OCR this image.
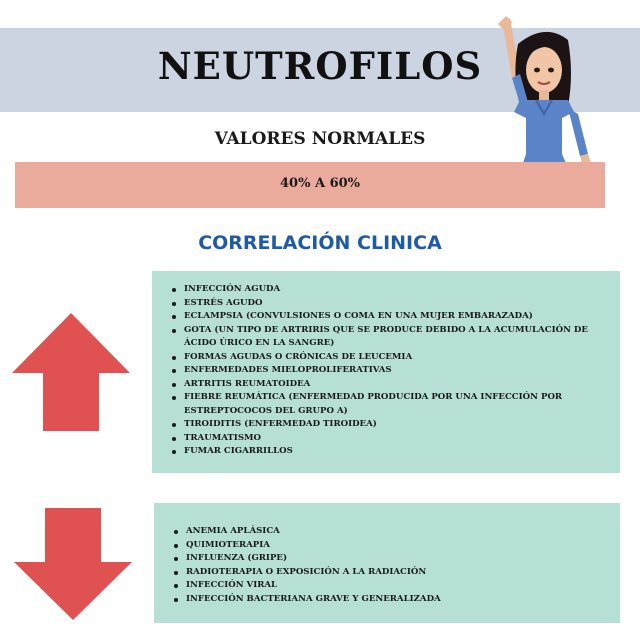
NEUTROFILOS
VALORES NORMALES
40% A 60%
CORRELACIÓN CLINICA
INFECCIÓN AGUDA
ESTRÉS AGUDO
ECLAMPSIA (CONVULSIONES O COMA EN UNA MUJER EMBARAZADA)
GOTA (UN TIPO DE ARTRIRIS QUE SE PRODUCE DEBIDO A LA ACUMULACIÓN DE ÁCIDO ÚRICO EN LA SANGRE)
FORMAS AGUDAS O CRÓNICAS DE LEUCEMIA
ENFERMEDADES MIELOPROLIFERATIVAS
ARTRITIS REUMATOIDEA
FIEBRE REUMÁTICA (ENFERMEDAD PRODUCIDA POR UNA INFECCIÓN POR ESTREPTOCOCOS DEL GRUPO A)
TIROIDITIS (ENFERMEDAD TIROIDEA)
TRAUMATISMO
FUMAR CIGARRILLOS
ANEMIA APLÁSICA
QUIMIOTERAPIA
INFLUENZA (GRIPE)
RADIOTERAPIA O EXPOSICIÓN A LA RADIACIÓN
INFECCIÓN VIRAL
INFECCIÓN BACTERIANA GRAVE Y GENERALIZADA
